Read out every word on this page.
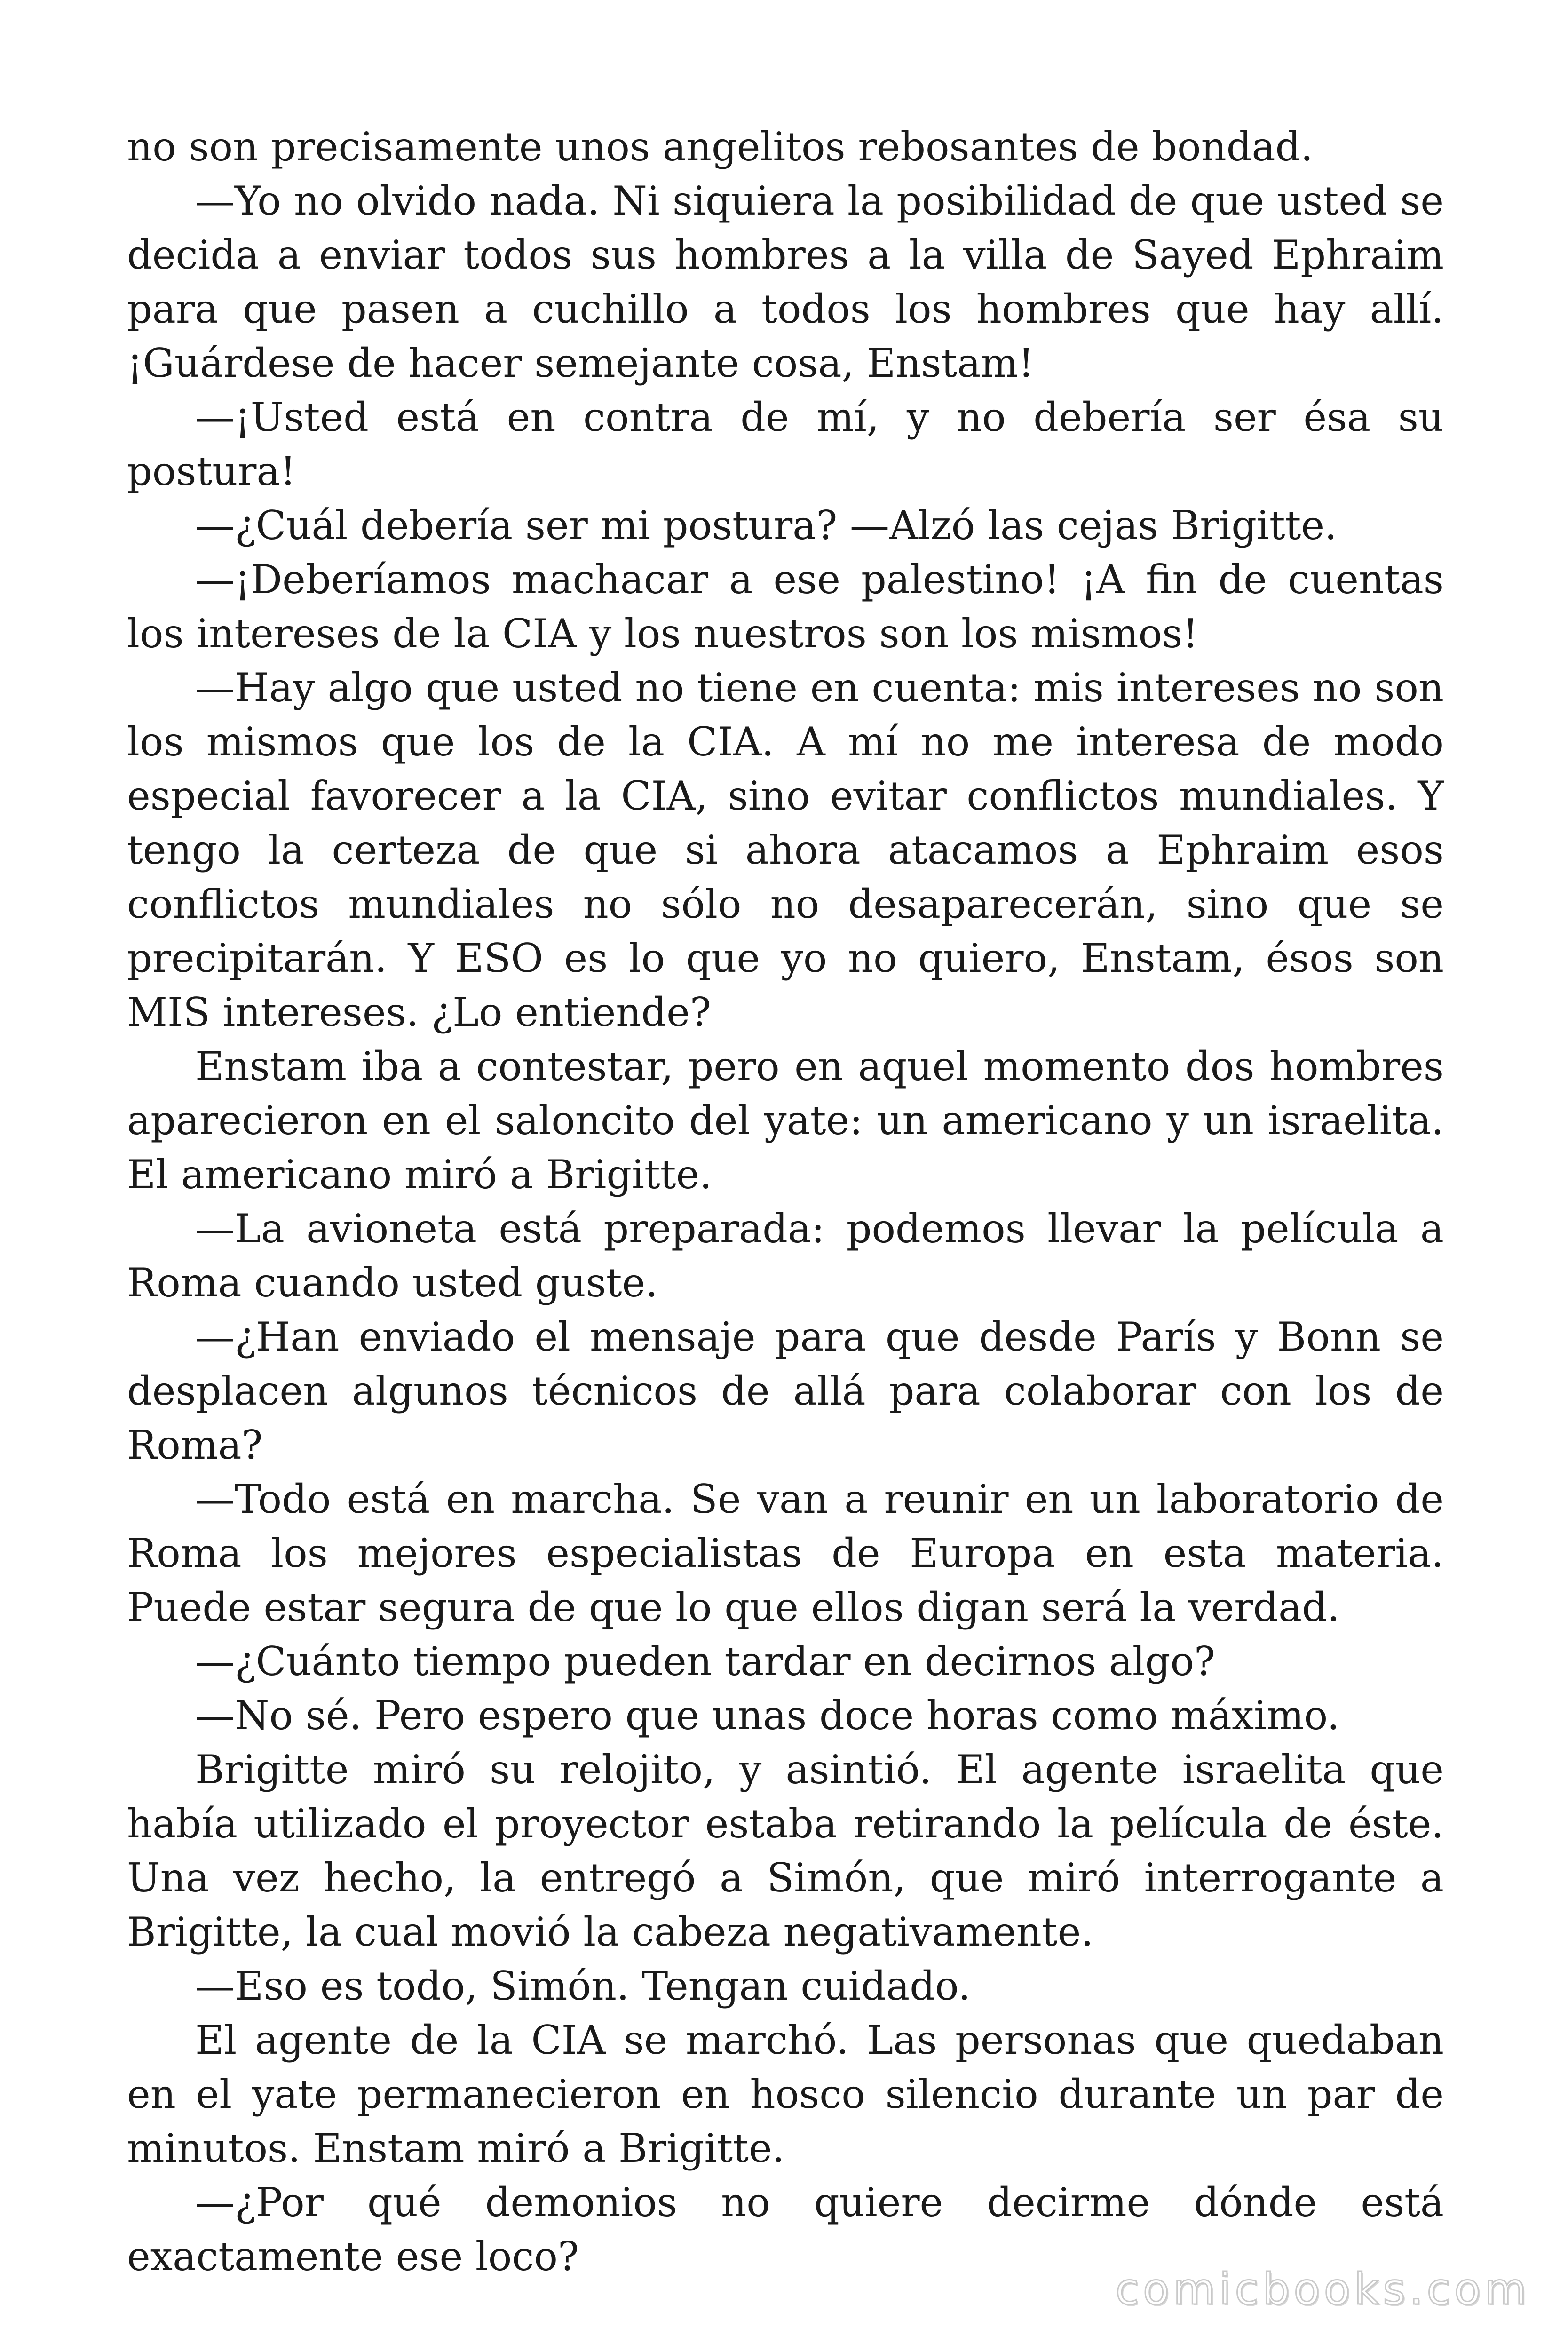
no son precisamente unos angelitos rebosantes de bondad.

—Yo no olvido nada. Ni siquiera la posibilidad de que usted se decida a enviar todos sus hombres a la villa de Sayed Ephraim para que pasen a cuchillo a todos los hombres que hay allí. ¡Guárdese de hacer semejante cosa, Enstam!

—¡Usted está en contra de mí, y no debería ser ésa su postura!

—¿Cuál debería ser mi postura? —Alzó las cejas Brigitte.

—¡Deberíamos machacar a ese palestino! ¡A fin de cuentas los intereses de la CIA y los nuestros son los mismos!

—Hay algo que usted no tiene en cuenta: mis intereses no son los mismos que los de la CIA. A mí no me interesa de modo especial favorecer a la CIA, sino evitar conflictos mundiales. Y tengo la certeza de que si ahora atacamos a Ephraim esos conflictos mundiales no sólo no desaparecerán, sino que se precipitarán. Y ESO es lo que yo no quiero, Enstam, ésos son MIS intereses. ¿Lo entiende?

Enstam iba a contestar, pero en aquel momento dos hombres aparecieron en el saloncito del yate: un americano y un israelita. El americano miró a Brigitte.

—La avioneta está preparada: podemos llevar la película a Roma cuando usted guste.

—¿Han enviado el mensaje para que desde París y Bonn se desplacen algunos técnicos de allá para colaborar con los de Roma?

—Todo está en marcha. Se van a reunir en un laboratorio de Roma los mejores especialistas de Europa en esta materia. Puede estar segura de que lo que ellos digan será la verdad.

—¿Cuánto tiempo pueden tardar en decirnos algo?

—No sé. Pero espero que unas doce horas como máximo.

Brigitte miró su relojito, y asintió. El agente israelita que había utilizado el proyector estaba retirando la película de éste. Una vez hecho, la entregó a Simón, que miró interrogante a Brigitte, la cual movió la cabeza negativamente.

—Eso es todo, Simón. Tengan cuidado.

El agente de la CIA se marchó. Las personas que quedaban en el yate permanecieron en hosco silencio durante un par de minutos. Enstam miró a Brigitte.

—¿Por qué demonios no quiere decirme dónde está exactamente ese loco?

comicbooks.com
